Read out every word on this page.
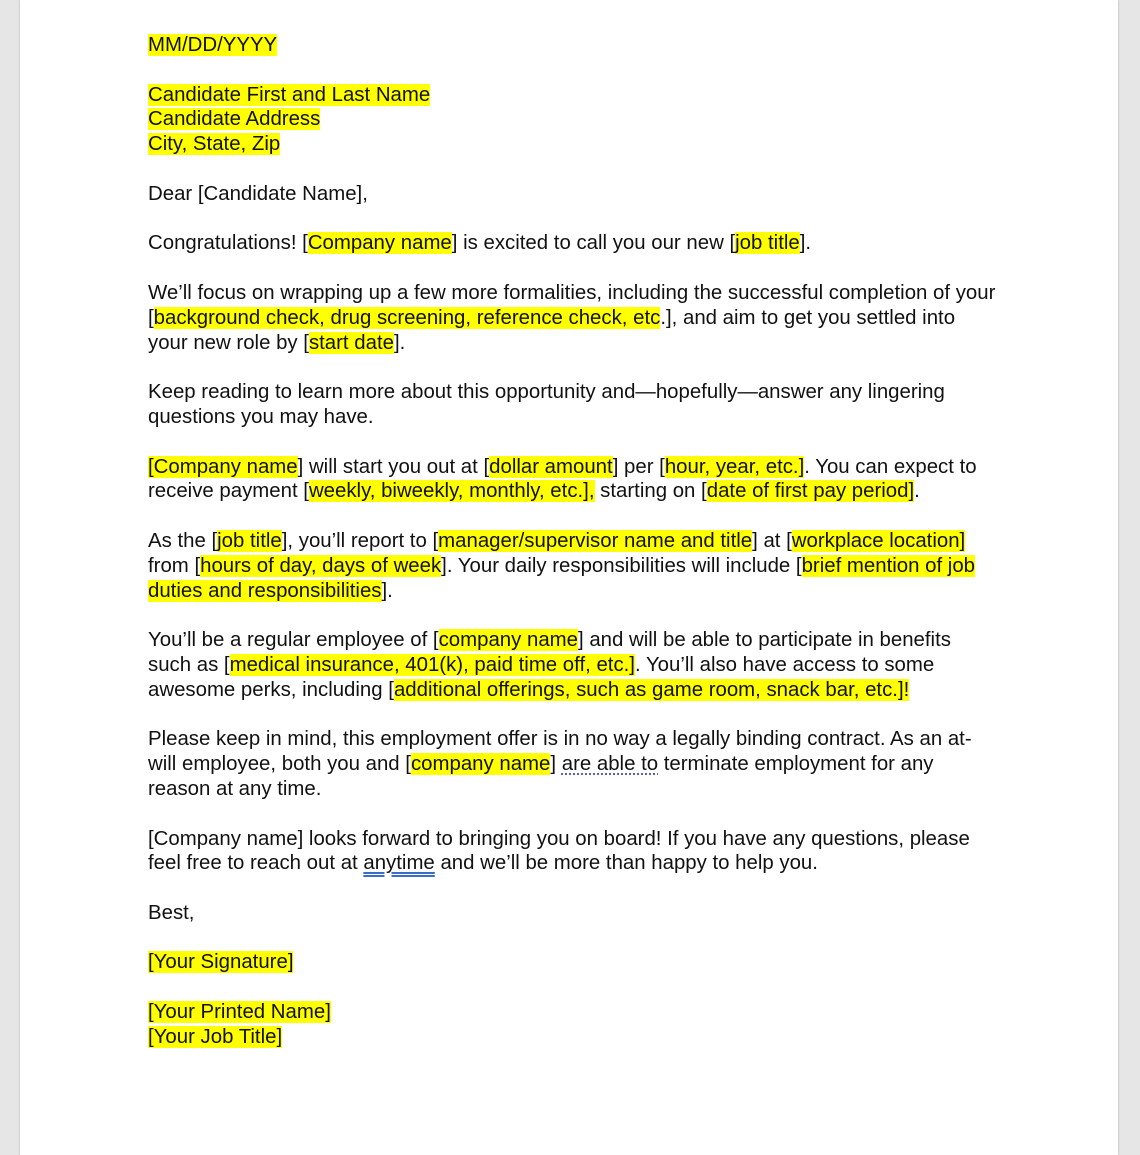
MM/DD/YYYY

Candidate First and Last Name
Candidate Address
City, State, Zip

Dear [Candidate Name],

Congratulations! [Company name] is excited to call you our new [job title].

We’ll focus on wrapping up a few more formalities, including the successful completion of your [background check, drug screening, reference check, etc.], and aim to get you settled into your new role by [start date].

Keep reading to learn more about this opportunity and—hopefully—answer any lingering questions you may have.

[Company name] will start you out at [dollar amount] per [hour, year, etc.]. You can expect to receive payment [weekly, biweekly, monthly, etc.], starting on [date of first pay period].

As the [job title], you’ll report to [manager/supervisor name and title] at [workplace location] from [hours of day, days of week]. Your daily responsibilities will include [brief mention of job duties and responsibilities].

You’ll be a regular employee of [company name] and will be able to participate in benefits such as [medical insurance, 401(k), paid time off, etc.]. You’ll also have access to some awesome perks, including [additional offerings, such as game room, snack bar, etc.]!

Please keep in mind, this employment offer is in no way a legally binding contract. As an at-will employee, both you and [company name] are able to terminate employment for any reason at any time.

[Company name] looks forward to bringing you on board! If you have any questions, please feel free to reach out at anytime and we’ll be more than happy to help you.

Best,

[Your Signature]

[Your Printed Name]
[Your Job Title]
